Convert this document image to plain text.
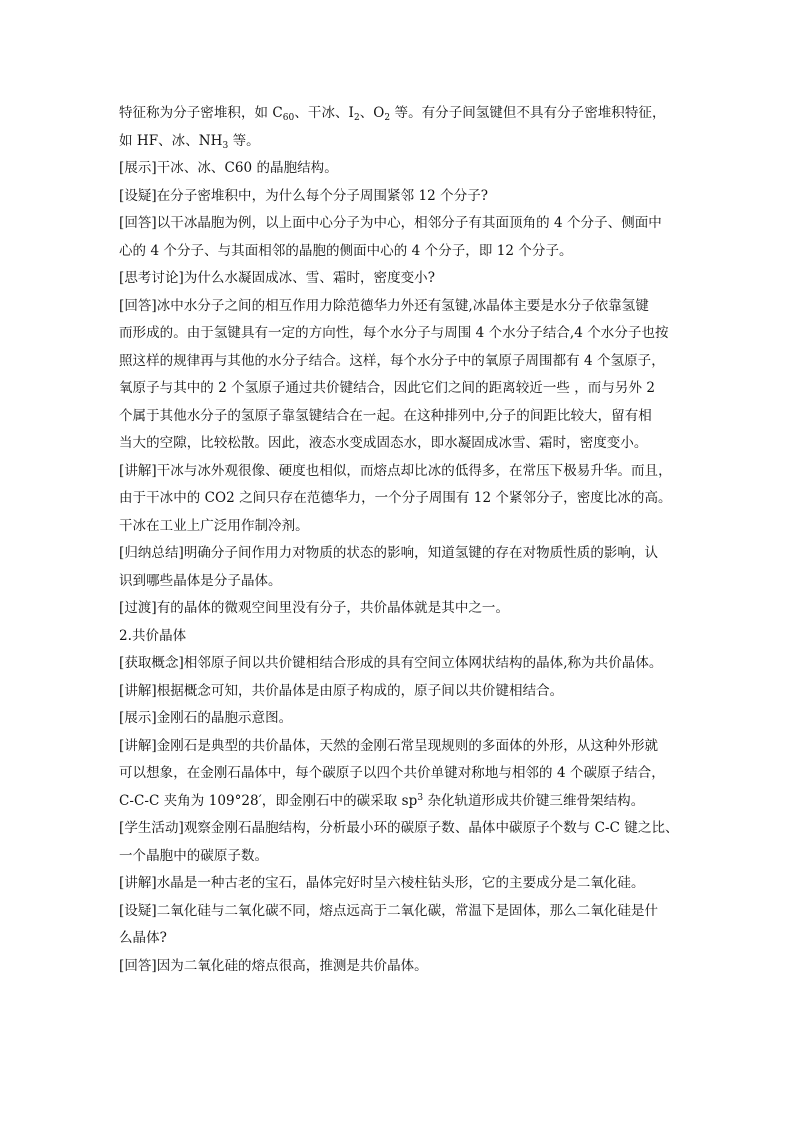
特征称为分子密堆积，如 $C_{60}$、干冰、$I_2$、$O_2$ 等。有分子间氢键但不具有分子密堆积特征，
如 HF、冰、$NH_3$ 等。
[展示]干冰、冰、C60 的晶胞结构。
[设疑]在分子密堆积中，为什么每个分子周围紧邻 12 个分子?
[回答]以干冰晶胞为例，以上面中心分子为中心，相邻分子有其面顶角的 4 个分子、侧面中
心的 4 个分子、与其面相邻的晶胞的侧面中心的 4 个分子，即 12 个分子。
[思考讨论]为什么水凝固成冰、雪、霜时，密度变小?
[回答]冰中水分子之间的相互作用力除范德华力外还有氢键,冰晶体主要是水分子依靠氢键
而形成的。由于氢键具有一定的方向性，每个水分子与周围 4 个水分子结合,4 个水分子也按
照这样的规律再与其他的水分子结合。这样，每个水分子中的氧原子周围都有 4 个氢原子，
氧原子与其中的 2 个氢原子通过共价键结合，因此它们之间的距离较近一些 ，而与另外 2
个属于其他水分子的氢原子靠氢键结合在一起。在这种排列中,分子的间距比较大，留有相
当大的空隙，比较松散。因此，液态水变成固态水，即水凝固成冰雪、霜时，密度变小。
[讲解]干冰与冰外观很像、硬度也相似，而熔点却比冰的低得多，在常压下极易升华。而且，
由于干冰中的 CO2 之间只存在范德华力，一个分子周围有 12 个紧邻分子，密度比冰的高。
干冰在工业上广泛用作制冷剂。
[归纳总结]明确分子间作用力对物质的状态的影响，知道氢键的存在对物质性质的影响，认
识到哪些晶体是分子晶体。
[过渡]有的晶体的微观空间里没有分子，共价晶体就是其中之一。
2.共价晶体
[获取概念]相邻原子间以共价键相结合形成的具有空间立体网状结构的晶体,称为共价晶体。
[讲解]根据概念可知，共价晶体是由原子构成的，原子间以共价键相结合。
[展示]金刚石的晶胞示意图。
[讲解]金刚石是典型的共价晶体，天然的金刚石常呈现规则的多面体的外形，从这种外形就
可以想象，在金刚石晶体中，每个碳原子以四个共价单键对称地与相邻的 4 个碳原子结合，
C-C-C 夹角为 109°28′，即金刚石中的碳采取 $sp^3$ 杂化轨道形成共价键三维骨架结构。
[学生活动]观察金刚石晶胞结构，分析最小环的碳原子数、晶体中碳原子个数与 C-C 键之比、
一个晶胞中的碳原子数。
[讲解]水晶是一种古老的宝石，晶体完好时呈六棱柱钻头形，它的主要成分是二氧化硅。
[设疑]二氧化硅与二氧化碳不同，熔点远高于二氧化碳，常温下是固体，那么二氧化硅是什
么晶体?
[回答]因为二氧化硅的熔点很高，推测是共价晶体。
